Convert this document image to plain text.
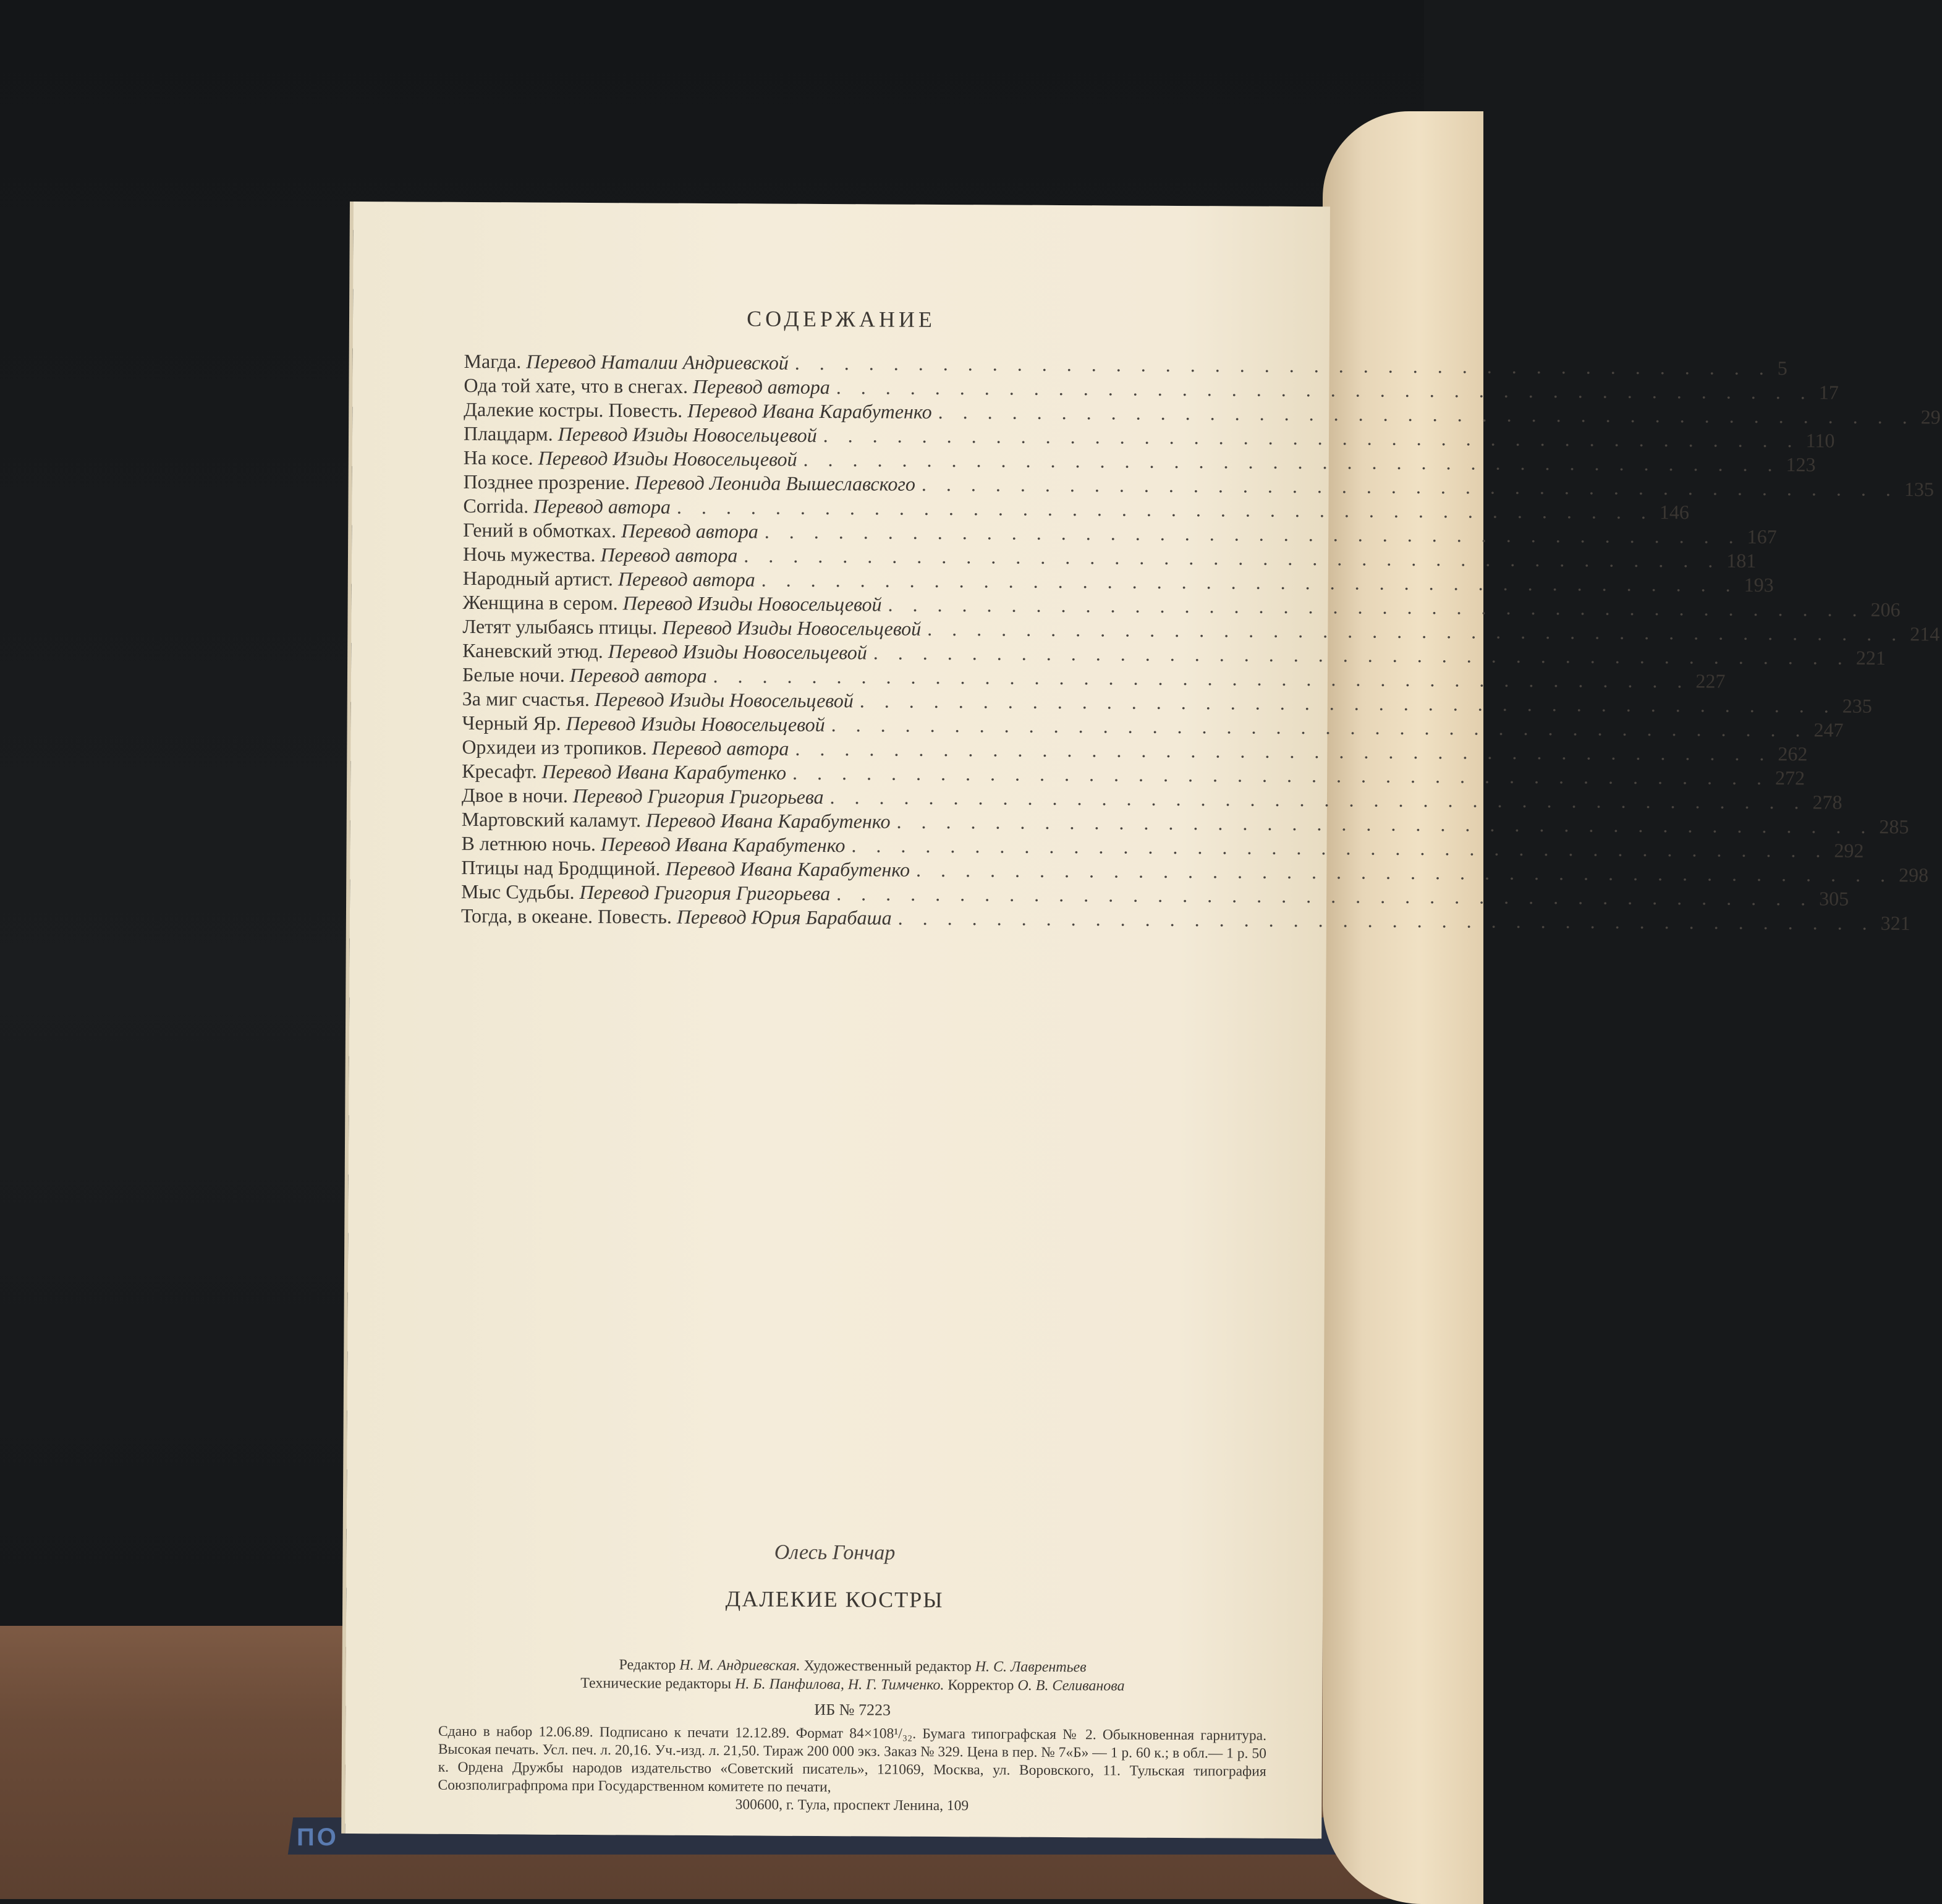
ПО
СОДЕРЖАНИЕ
Магда. Перевод Наталии Андриевской . . . . . . . . . . . . . . . . . . . . . . . . . . . . . . . . . . . . . . . . 5
Ода той хате, что в снегах. Перевод автора . . . . . . . . . . . . . . . . . . . . . . . . . . . . . . . . . . . . . . . . 17
Далекие костры. Повесть. Перевод Ивана Карабутенко . . . . . . . . . . . . . . . . . . . . . . . . . . . . . . . . . . . . . . . . 29
Плацдарм. Перевод Изиды Новосельцевой . . . . . . . . . . . . . . . . . . . . . . . . . . . . . . . . . . . . . . . . 110
На косе. Перевод Изиды Новосельцевой . . . . . . . . . . . . . . . . . . . . . . . . . . . . . . . . . . . . . . . . 123
Позднее прозрение. Перевод Леонида Вышеславского . . . . . . . . . . . . . . . . . . . . . . . . . . . . . . . . . . . . . . . . 135
Corrida. Перевод автора . . . . . . . . . . . . . . . . . . . . . . . . . . . . . . . . . . . . . . . . 146
Гений в обмотках. Перевод автора . . . . . . . . . . . . . . . . . . . . . . . . . . . . . . . . . . . . . . . . 167
Ночь мужества. Перевод автора . . . . . . . . . . . . . . . . . . . . . . . . . . . . . . . . . . . . . . . . 181
Народный артист. Перевод автора . . . . . . . . . . . . . . . . . . . . . . . . . . . . . . . . . . . . . . . . 193
Женщина в сером. Перевод Изиды Новосельцевой . . . . . . . . . . . . . . . . . . . . . . . . . . . . . . . . . . . . . . . . 206
Летят улыбаясь птицы. Перевод Изиды Новосельцевой . . . . . . . . . . . . . . . . . . . . . . . . . . . . . . . . . . . . . . . . 214
Каневский этюд. Перевод Изиды Новосельцевой . . . . . . . . . . . . . . . . . . . . . . . . . . . . . . . . . . . . . . . . 221
Белые ночи. Перевод автора . . . . . . . . . . . . . . . . . . . . . . . . . . . . . . . . . . . . . . . . 227
За миг счастья. Перевод Изиды Новосельцевой . . . . . . . . . . . . . . . . . . . . . . . . . . . . . . . . . . . . . . . . 235
Черный Яр. Перевод Изиды Новосельцевой . . . . . . . . . . . . . . . . . . . . . . . . . . . . . . . . . . . . . . . . 247
Орхидеи из тропиков. Перевод автора . . . . . . . . . . . . . . . . . . . . . . . . . . . . . . . . . . . . . . . . 262
Кресафт. Перевод Ивана Карабутенко . . . . . . . . . . . . . . . . . . . . . . . . . . . . . . . . . . . . . . . . 272
Двое в ночи. Перевод Григория Григорьева . . . . . . . . . . . . . . . . . . . . . . . . . . . . . . . . . . . . . . . . 278
Мартовский каламут. Перевод Ивана Карабутенко . . . . . . . . . . . . . . . . . . . . . . . . . . . . . . . . . . . . . . . . 285
В летнюю ночь. Перевод Ивана Карабутенко . . . . . . . . . . . . . . . . . . . . . . . . . . . . . . . . . . . . . . . . 292
Птицы над Бродщиной. Перевод Ивана Карабутенко . . . . . . . . . . . . . . . . . . . . . . . . . . . . . . . . . . . . . . . . 298
Мыс Судьбы. Перевод Григория Григорьева . . . . . . . . . . . . . . . . . . . . . . . . . . . . . . . . . . . . . . . . 305
Тогда, в океане. Повесть. Перевод Юрия Барабаша . . . . . . . . . . . . . . . . . . . . . . . . . . . . . . . . . . . . . . . . 321
Олесь Гончар
ДАЛЕКИЕ КОСТРЫ
Редактор Н. М. Андриевская. Художественный редактор Н. С. Лаврентьев
Технические редакторы Н. Б. Панфилова, Н. Г. Тимченко. Корректор О. В. Селиванова
ИБ № 7223
Сдано в набор 12.06.89. Подписано к печати 12.12.89. Формат 84×108¹/₃₂. Бумага типографская № 2. Обыкновенная гарнитура. Высокая печать. Усл. печ. л. 20,16. Уч.-изд. л. 21,50. Тираж 200 000 экз. Заказ № 329. Цена в пер. № 7«Б» — 1 р. 60 к.; в обл.— 1 р. 50 к. Ордена Дружбы народов издательство «Советский писатель», 121069, Москва, ул. Воровского, 11. Тульская типография Союзполиграфпрома при Государственном комитете по печати,
300600, г. Тула, проспект Ленина, 109
